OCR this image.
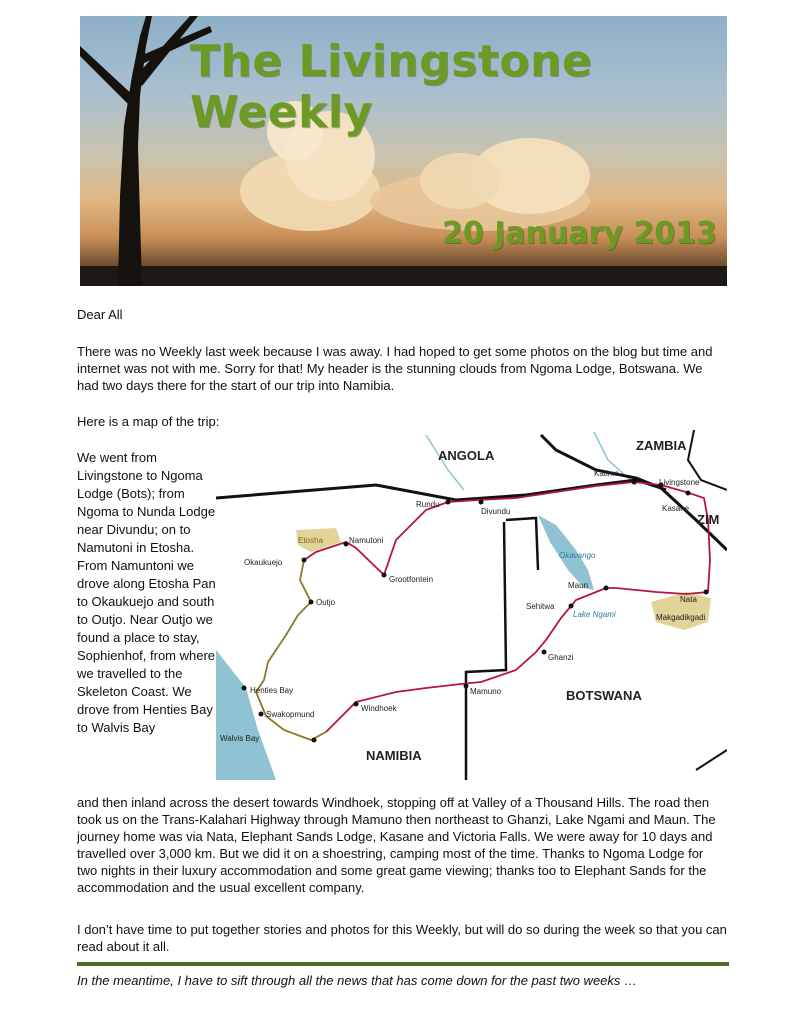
The Livingstone Weekly
20 January 2013

Dear All

There was no Weekly last week because I was away. I had hoped to get some photos on the blog but time and internet was not with me. Sorry for that! My header is the stunning clouds from Ngoma Lodge, Botswana. We had two days there for the start of our trip into Namibia.

Here is a map of the trip:

We went from Livingstone to Ngoma Lodge (Bots); from Ngoma to Nunda Lodge near Divundu; on to Namutoni in Etosha. From Namuntoni we drove along Etosha Pan to Okaukuejo and south to Outjo. Near Outjo we found a place to stay, Sophienhof, from where we travelled to the Skeleton Coast. We drove from Henties Bay to Walvis Bay

ANGOLA
ZAMBIA
ZIM
NAMIBIA
BOTSWANA
Katima
Livingstone
Rundu
Divundu	Kasane
Etosha	Namutoni
Okaukuejo
Grootfontein
Okavango
Maun
Nata
Sehitwa
Lake Ngami	Makgadikgadi
Outjo
Ghanzi
Henties Bay	Mamuno
Swakopmund
Windhoek
Walvis Bay

and then inland across the desert towards Windhoek, stopping off at Valley of a Thousand Hills. The road then took us on the Trans-Kalahari Highway through Mamuno then northeast to Ghanzi, Lake Ngami and Maun. The journey home was via Nata, Elephant Sands Lodge, Kasane and Victoria Falls. We were away for 10 days and travelled over 3,000 km. But we did it on a shoestring, camping most of the time. Thanks to Ngoma Lodge for two nights in their luxury accommodation and some great game viewing; thanks too to Elephant Sands for the accommodation and the usual excellent company.

I don’t have time to put together stories and photos for this Weekly, but will do so during the week so that you can read about it all.

In the meantime, I have to sift through all the news that has come down for the past two weeks …
